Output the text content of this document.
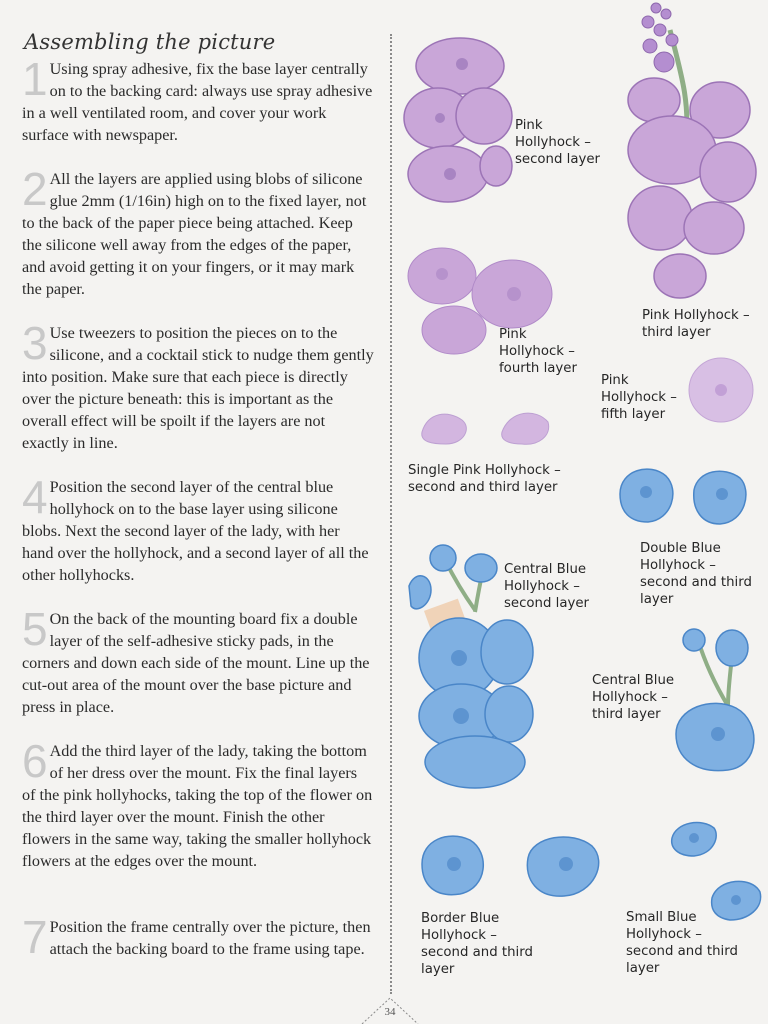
Assembling the picture
1 Using spray adhesive, fix the base layer centrally on to the backing card: always use spray adhesive in a well ventilated room, and cover your work surface with newspaper.
2 All the layers are applied using blobs of silicone glue 2mm (1/16in) high on to the fixed layer, not to the back of the paper piece being attached. Keep the silicone well away from the edges of the paper, and avoid getting it on your fingers, or it may mark the paper.
3 Use tweezers to position the pieces on to the silicone, and a cocktail stick to nudge them gently into position. Make sure that each piece is directly over the picture beneath: this is important as the overall effect will be spoilt if the layers are not exactly in line.
4 Position the second layer of the central blue hollyhock on to the base layer using silicone blobs. Next the second layer of the lady, with her hand over the hollyhock, and a second layer of all the other hollyhocks.
5 On the back of the mounting board fix a double layer of the self-adhesive sticky pads, in the corners and down each side of the mount. Line up the cut-out area of the mount over the base picture and press in place.
6 Add the third layer of the lady, taking the bottom of her dress over the mount. Fix the final layers of the pink hollyhocks, taking the top of the flower on the third layer over the mount. Finish the other flowers in the same way, taking the smaller hollyhock flowers at the edges over the mount.
7 Position the frame centrally over the picture, then attach the backing board to the frame using tape.
Pink
Hollyhock –
second layer
Pink Hollyhock –
third layer
Pink
Hollyhock –
fourth layer
Pink
Hollyhock –
fifth layer
Single Pink Hollyhock –
second and third layer
Central Blue
Hollyhock –
second layer
Double Blue
Hollyhock –
second and third
layer
Central Blue
Hollyhock –
third layer
Border Blue
Hollyhock –
second and third
layer
Small Blue
Hollyhock –
second and third
layer
34
